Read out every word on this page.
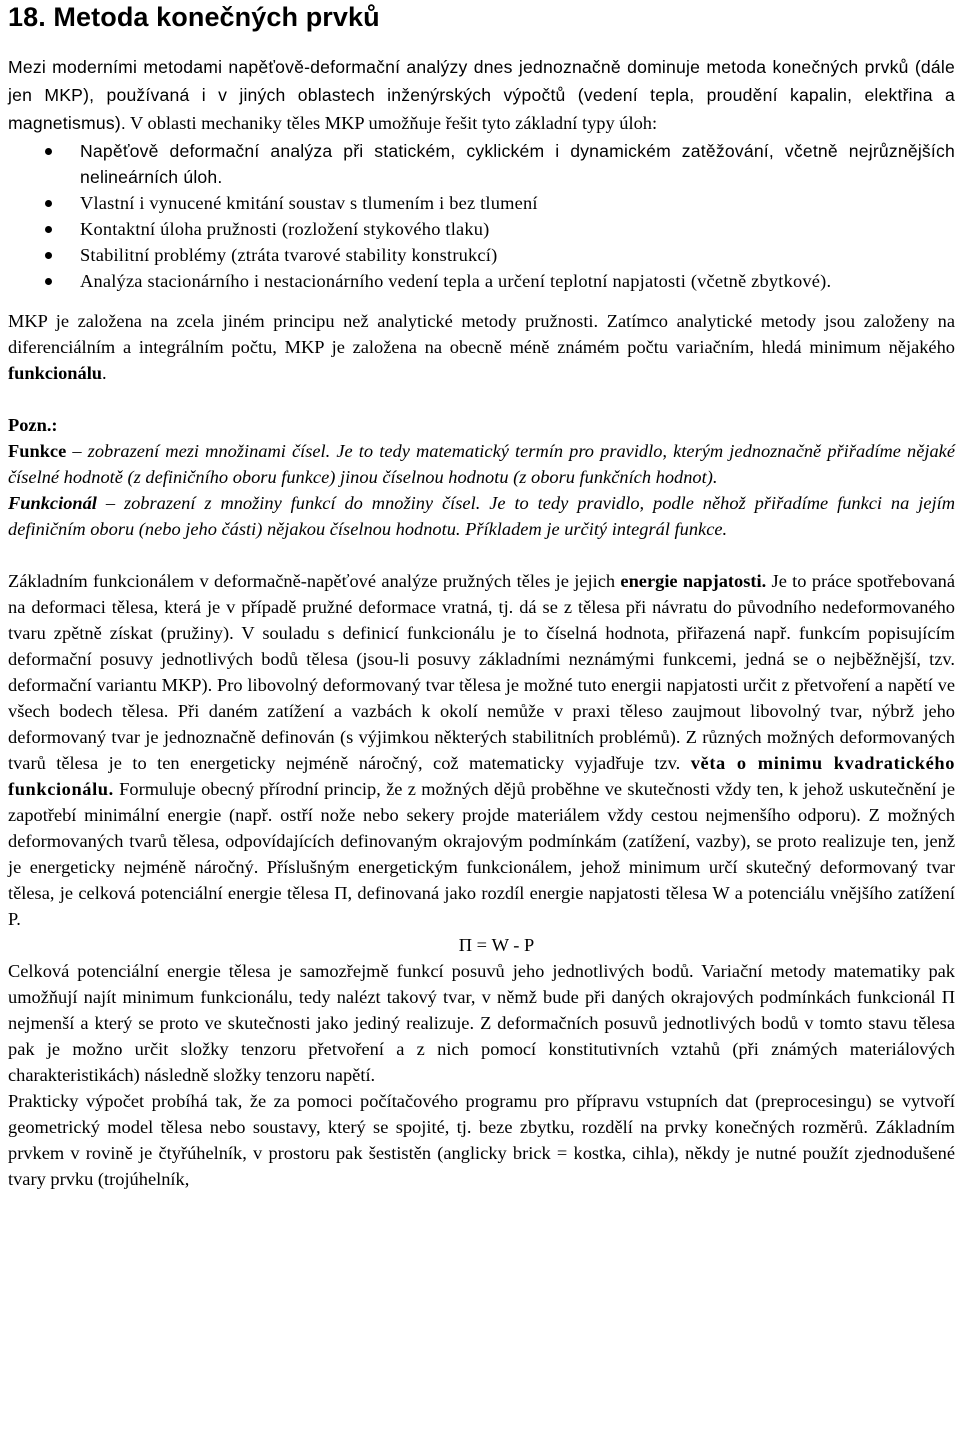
18. Metoda konečných prvků

Mezi moderními metodami napěťově-deformační analýzy dnes jednoznačně dominuje metoda konečných prvků (dále jen MKP), používaná i v jiných oblastech inženýrských výpočtů (vedení tepla, proudění kapalin, elektřina a magnetismus). V oblasti mechaniky těles MKP umožňuje řešit tyto základní typy úloh:

Napěťově deformační analýza při statickém, cyklickém i dynamickém zatěžování, včetně nejrůznějších nelineárních úloh.
Vlastní i vynucené kmitání soustav s tlumením i bez tlumení
Kontaktní úloha pružnosti (rozložení stykového tlaku)
Stabilitní problémy (ztráta tvarové stability konstrukcí)
Analýza stacionárního i nestacionárního vedení tepla a určení teplotní napjatosti (včetně zbytkové).

MKP je založena na zcela jiném principu než analytické metody pružnosti. Zatímco analytické metody jsou založeny na diferenciálním a integrálním počtu, MKP je založena na obecně méně známém počtu variačním, hledá minimum nějakého funkcionálu.

Pozn.:

Funkce – zobrazení mezi množinami čísel. Je to tedy matematický termín pro pravidlo, kterým jednoznačně přiřadíme nějaké číselné hodnotě (z definičního oboru funkce) jinou číselnou hodnotu (z oboru funkčních hodnot).

Funkcionál – zobrazení z množiny funkcí do množiny čísel. Je to tedy pravidlo, podle něhož přiřadíme funkci na jejím definičním oboru (nebo jeho části) nějakou číselnou hodnotu. Příkladem je určitý integrál funkce.

Základním funkcionálem v deformačně-napěťové analýze pružných těles je jejich energie napjatosti. Je to práce spotřebovaná na deformaci tělesa, která je v případě pružné deformace vratná, tj. dá se z tělesa při návratu do původního nedeformovaného tvaru zpětně získat (pružiny). V souladu s definicí funkcionálu je to číselná hodnota, přiřazená např. funkcím popisujícím deformační posuvy jednotlivých bodů tělesa (jsou-li posuvy základními neznámými funkcemi, jedná se o nejběžnější, tzv. deformační variantu MKP). Pro libovolný deformovaný tvar tělesa je možné tuto energii napjatosti určit z přetvoření a napětí ve všech bodech tělesa. Při daném zatížení a vazbách k okolí nemůže v praxi těleso zaujmout libovolný tvar, nýbrž jeho deformovaný tvar je jednoznačně definován (s výjimkou některých stabilitních problémů). Z různých možných deformovaných tvarů tělesa je to ten energeticky nejméně náročný, což matematicky vyjadřuje tzv. věta o minimu kvadratického funkcionálu. Formuluje obecný přírodní princip, že z možných dějů proběhne ve skutečnosti vždy ten, k jehož uskutečnění je zapotřebí minimální energie (např. ostří nože nebo sekery projde materiálem vždy cestou nejmenšího odporu). Z možných deformovaných tvarů tělesa, odpovídajících definovaným okrajovým podmínkám (zatížení, vazby), se proto realizuje ten, jenž je energeticky nejméně náročný. Příslušným energetickým funkcionálem, jehož minimum určí skutečný deformovaný tvar tělesa, je celková potenciální energie tělesa Π, definovaná jako rozdíl energie napjatosti tělesa W a potenciálu vnějšího zatížení P.

Π = W - P

Celková potenciální energie tělesa je samozřejmě funkcí posuvů jeho jednotlivých bodů. Variační metody matematiky pak umožňují najít minimum funkcionálu, tedy nalézt takový tvar, v němž bude při daných okrajových podmínkách funkcionál Π nejmenší a který se proto ve skutečnosti jako jediný realizuje. Z deformačních posuvů jednotlivých bodů v tomto stavu tělesa pak je možno určit složky tenzoru přetvoření a z nich pomocí konstitutivních vztahů (při známých materiálových charakteristikách) následně složky tenzoru napětí.

Prakticky výpočet probíhá tak, že za pomoci počítačového programu pro přípravu vstupních dat (preprocesingu) se vytvoří geometrický model tělesa nebo soustavy, který se spojité, tj. beze zbytku, rozdělí na prvky konečných rozměrů. Základním prvkem v rovině je čtyřúhelník, v prostoru pak šestistěn (anglicky brick = kostka, cihla), někdy je nutné použít zjednodušené tvary prvku (trojúhelník,
